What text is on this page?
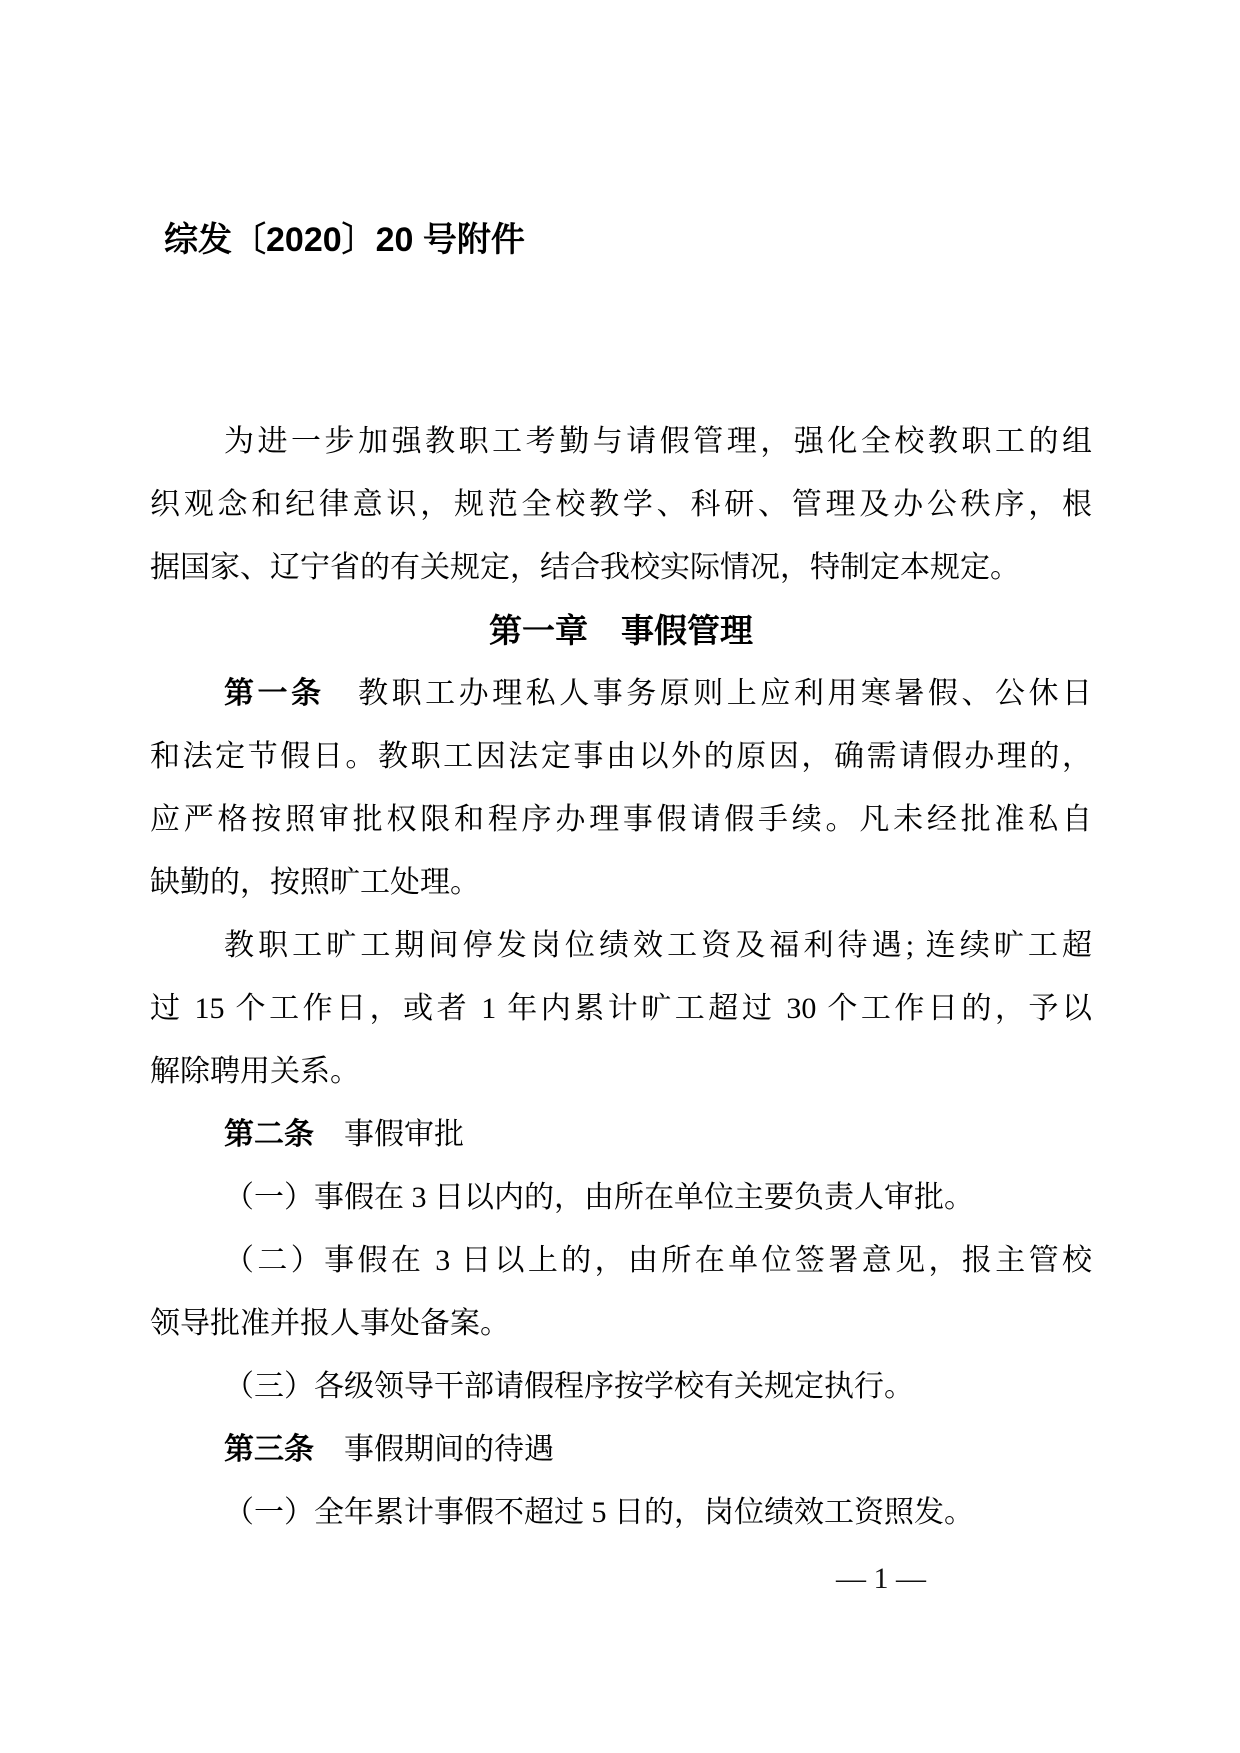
综发〔2020〕20 号附件
为进一步加强教职工考勤与请假管理，强化全校教职工的组
织观念和纪律意识，规范全校教学、科研、管理及办公秩序，根
据国家、辽宁省的有关规定，结合我校实际情况，特制定本规定。
第一章　事假管理
第一条　教职工办理私人事务原则上应利用寒暑假、公休日
和法定节假日。教职工因法定事由以外的原因，确需请假办理的，
应严格按照审批权限和程序办理事假请假手续。凡未经批准私自
缺勤的，按照旷工处理。
教职工旷工期间停发岗位绩效工资及福利待遇; 连续旷工超
过 15 个工作日，或者 1 年内累计旷工超过 30 个工作日的，予以
解除聘用关系。
第二条　事假审批
（一）事假在 3 日以内的，由所在单位主要负责人审批。
（二）事假在 3 日以上的，由所在单位签署意见，报主管校
领导批准并报人事处备案。
（三）各级领导干部请假程序按学校有关规定执行。
第三条　事假期间的待遇
（一）全年累计事假不超过 5 日的，岗位绩效工资照发。
— 1 —
